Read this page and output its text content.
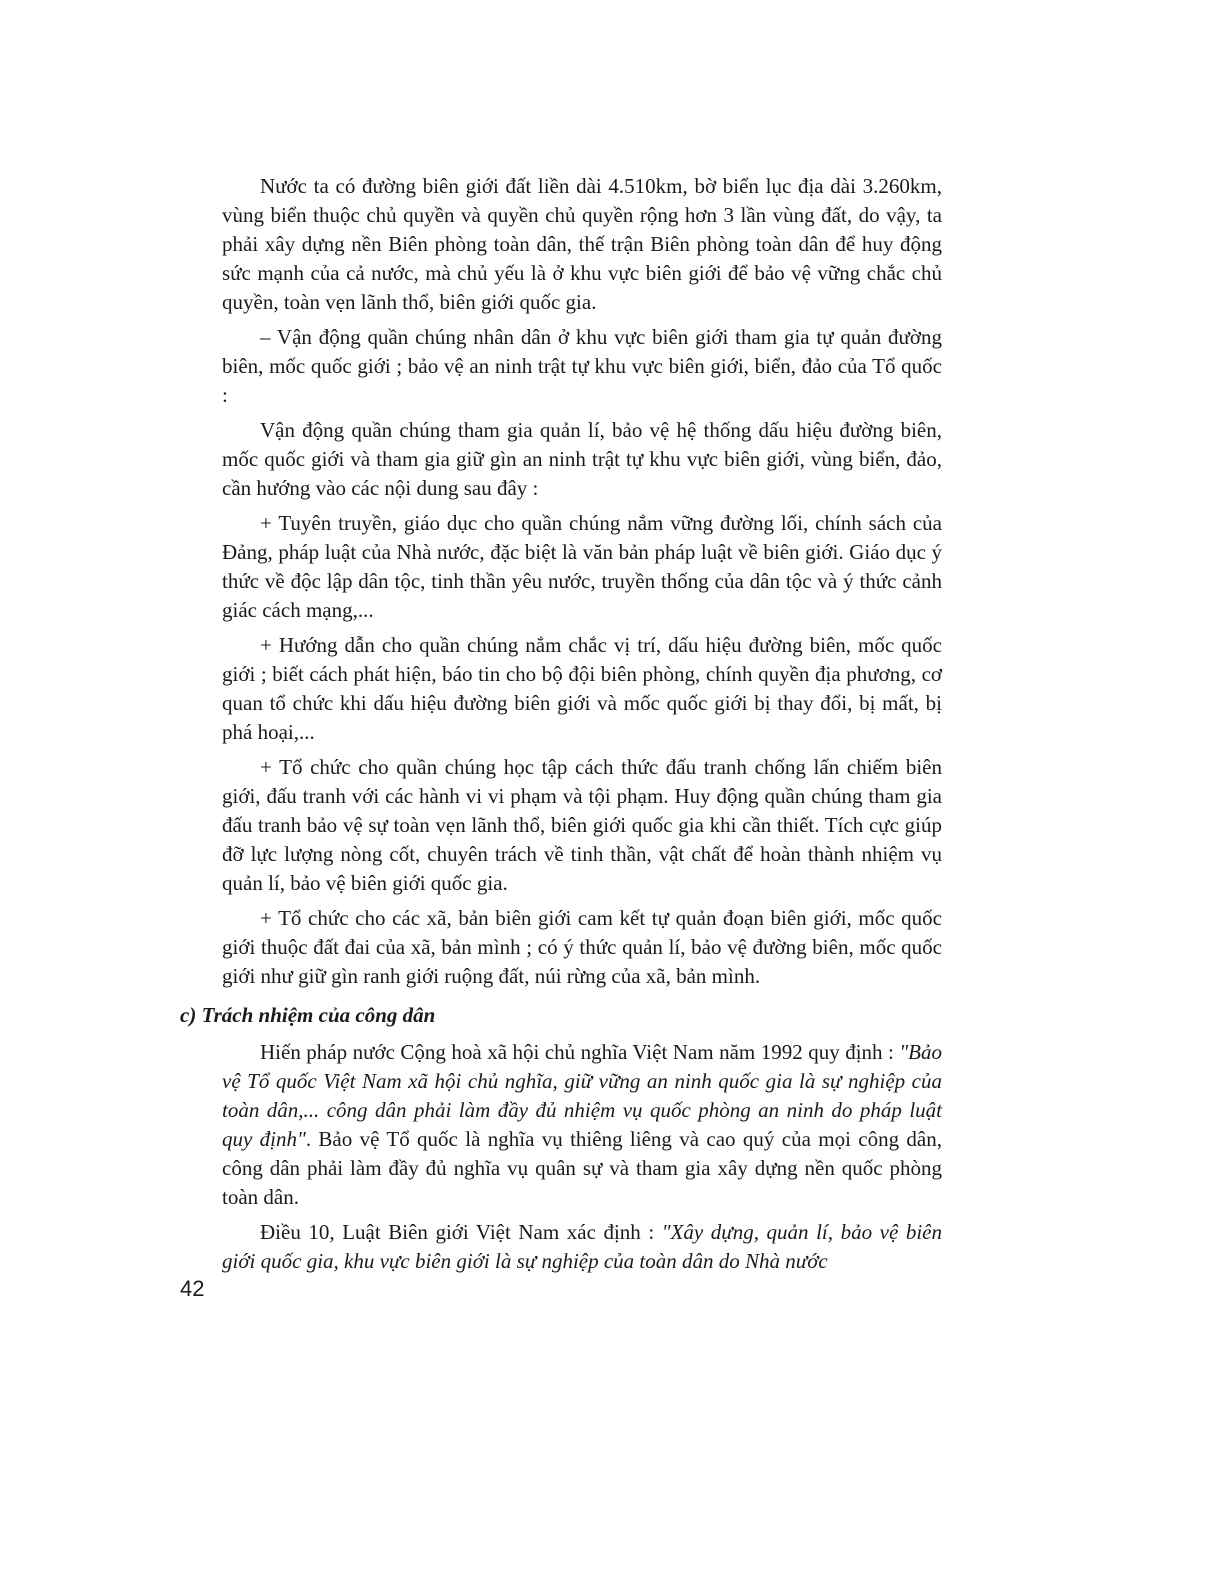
Nước ta có đường biên giới đất liền dài 4.510km, bờ biển lục địa dài 3.260km, vùng biển thuộc chủ quyền và quyền chủ quyền rộng hơn 3 lần vùng đất, do vậy, ta phải xây dựng nền Biên phòng toàn dân, thế trận Biên phòng toàn dân để huy động sức mạnh của cả nước, mà chủ yếu là ở khu vực biên giới để bảo vệ vững chắc chủ quyền, toàn vẹn lãnh thổ, biên giới quốc gia.

– Vận động quần chúng nhân dân ở khu vực biên giới tham gia tự quản đường biên, mốc quốc giới ; bảo vệ an ninh trật tự khu vực biên giới, biển, đảo của Tổ quốc :

Vận động quần chúng tham gia quản lí, bảo vệ hệ thống dấu hiệu đường biên, mốc quốc giới và tham gia giữ gìn an ninh trật tự khu vực biên giới, vùng biển, đảo, cần hướng vào các nội dung sau đây :

+ Tuyên truyền, giáo dục cho quần chúng nắm vững đường lối, chính sách của Đảng, pháp luật của Nhà nước, đặc biệt là văn bản pháp luật về biên giới. Giáo dục ý thức về độc lập dân tộc, tinh thần yêu nước, truyền thống của dân tộc và ý thức cảnh giác cách mạng,...

+ Hướng dẫn cho quần chúng nắm chắc vị trí, dấu hiệu đường biên, mốc quốc giới ; biết cách phát hiện, báo tin cho bộ đội biên phòng, chính quyền địa phương, cơ quan tổ chức khi dấu hiệu đường biên giới và mốc quốc giới bị thay đổi, bị mất, bị phá hoại,...

+ Tổ chức cho quần chúng học tập cách thức đấu tranh chống lấn chiếm biên giới, đấu tranh với các hành vi vi phạm và tội phạm. Huy động quần chúng tham gia đấu tranh bảo vệ sự toàn vẹn lãnh thổ, biên giới quốc gia khi cần thiết. Tích cực giúp đỡ lực lượng nòng cốt, chuyên trách về tinh thần, vật chất để hoàn thành nhiệm vụ quản lí, bảo vệ biên giới quốc gia.

+ Tổ chức cho các xã, bản biên giới cam kết tự quản đoạn biên giới, mốc quốc giới thuộc đất đai của xã, bản mình ; có ý thức quản lí, bảo vệ đường biên, mốc quốc giới như giữ gìn ranh giới ruộng đất, núi rừng của xã, bản mình.

c) Trách nhiệm của công dân

Hiến pháp nước Cộng hoà xã hội chủ nghĩa Việt Nam năm 1992 quy định : "Bảo vệ Tổ quốc Việt Nam xã hội chủ nghĩa, giữ vững an ninh quốc gia là sự nghiệp của toàn dân,... công dân phải làm đầy đủ nhiệm vụ quốc phòng an ninh do pháp luật quy định". Bảo vệ Tổ quốc là nghĩa vụ thiêng liêng và cao quý của mọi công dân, công dân phải làm đầy đủ nghĩa vụ quân sự và tham gia xây dựng nền quốc phòng toàn dân.

Điều 10, Luật Biên giới Việt Nam xác định : "Xây dựng, quản lí, bảo vệ biên giới quốc gia, khu vực biên giới là sự nghiệp của toàn dân do Nhà nước

42
